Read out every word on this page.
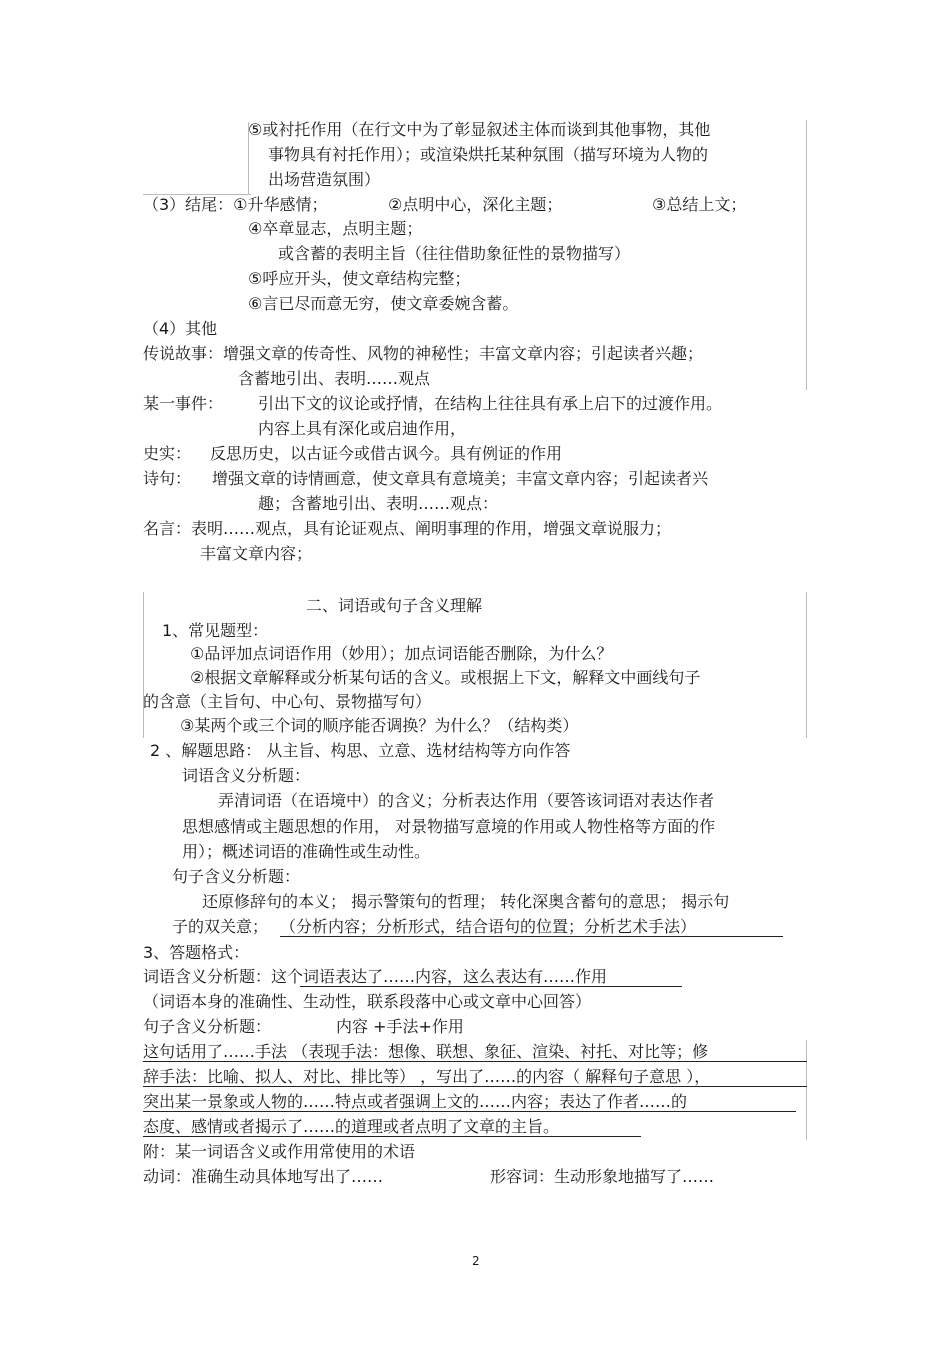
⑤或衬托作用（在行文中为了彰显叙述主体而谈到其他事物，其他
事物具有衬托作用）；或渲染烘托某种氛围（描写环境为人物的
出场营造氛围）
（3）结尾：①升华感情；	②点明中心，深化主题；	③总结上文；
④卒章显志，点明主题；
或含蓄的表明主旨（往往借助象征性的景物描写）
⑤呼应开头，使文章结构完整；
⑥言已尽而意无穷，使文章委婉含蓄。
（4）其他
传说故事：增强文章的传奇性、风物的神秘性；丰富文章内容；引起读者兴趣；
含蓄地引出、表明……观点
某一事件： 引出下文的议论或抒情，在结构上往往具有承上启下的过渡作用。
内容上具有深化或启迪作用，
史实： 反思历史，以古证今或借古讽今。具有例证的作用
诗句： 增强文章的诗情画意，使文章具有意境美；丰富文章内容；引起读者兴
趣；含蓄地引出、表明……观点：
名言：表明……观点，具有论证观点、阐明事理的作用，增强文章说服力；
丰富文章内容；
二、词语或句子含义理解
1、常见题型：
①品评加点词语作用（妙用）；加点词语能否删除，为什么？
②根据文章解释或分析某句话的含义。或根据上下文，解释文中画线句子
的含意（主旨句、中心句、景物描写句）
③某两个或三个词的顺序能否调换？为什么？（结构类）
2 、解题思路： 从主旨、构思、立意、选材结构等方向作答
词语含义分析题：
弄清词语（在语境中）的含义；分析表达作用（要答该词语对表达作者
思想感情或主题思想的作用， 对景物描写意境的作用或人物性格等方面的作
用）；概述词语的准确性或生动性。
句子含义分析题：
还原修辞句的本义； 揭示警策句的哲理； 转化深奥含蓄句的意思； 揭示句
子的双关意； （分析内容；分析形式，结合语句的位置；分析艺术手法）
3、答题格式：
词语含义分析题：这个词语表达了……内容，这么表达有……作用
（词语本身的准确性、生动性，联系段落中心或文章中心回答）
句子含义分析题：	内容 +手法+作用
这句话用了……手法 （表现手法：想像、联想、象征、渲染、衬托、对比等；修
辞手法：比喻、拟人、对比、排比等） ，写出了……的内容（ 解释句子意思 ），
突出某一景象或人物的……特点或者强调上文的……内容；表达了作者……的
态度、感情或者揭示了……的道理或者点明了文章的主旨。
附：某一词语含义或作用常使用的术语
动词：准确生动具体地写出了……	形容词：生动形象地描写了……
2
